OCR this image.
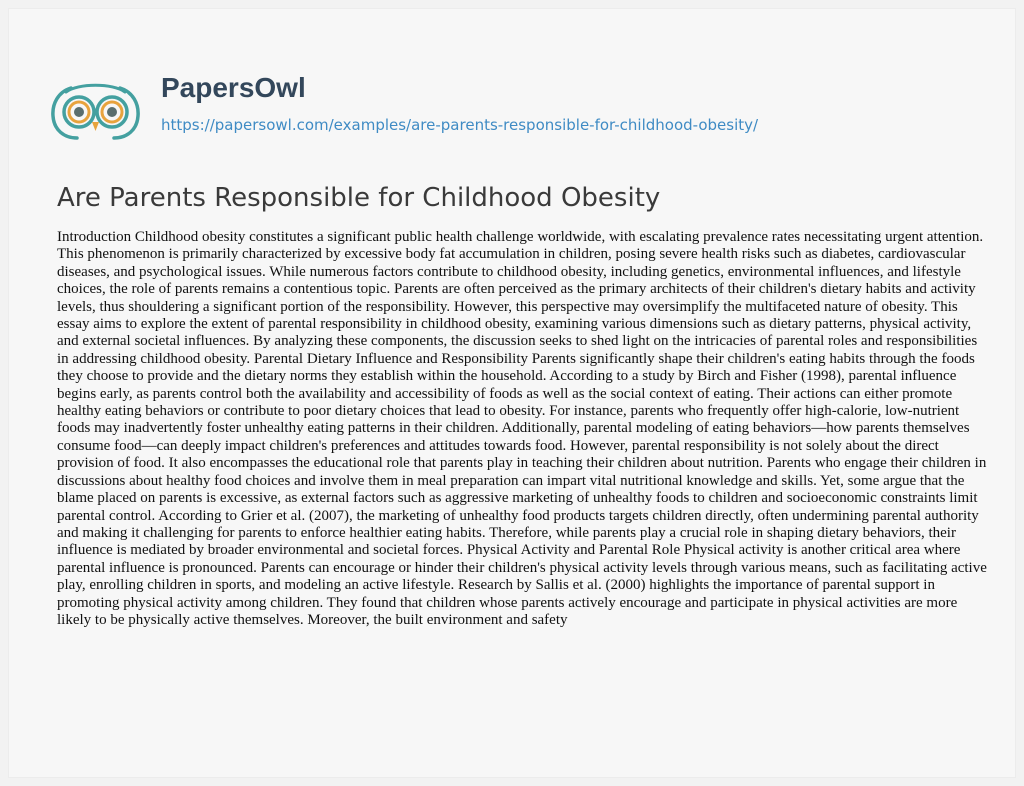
PapersOwl
https://papersowl.com/examples/are-parents-responsible-for-childhood-obesity/
Are Parents Responsible for Childhood Obesity

Introduction Childhood obesity constitutes a significant public health challenge worldwide, with escalating prevalence rates necessitating urgent attention. This phenomenon is primarily characterized by excessive body fat accumulation in children, posing severe health risks such as diabetes, cardiovascular diseases, and psychological issues. While numerous factors contribute to childhood obesity, including genetics, environmental influences, and lifestyle choices, the role of parents remains a contentious topic. Parents are often perceived as the primary architects of their children's dietary habits and activity levels, thus shouldering a significant portion of the responsibility. However, this perspective may oversimplify the multifaceted nature of obesity. This essay aims to explore the extent of parental responsibility in childhood obesity, examining various dimensions such as dietary patterns, physical activity, and external societal influences. By analyzing these components, the discussion seeks to shed light on the intricacies of parental roles and responsibilities in addressing childhood obesity. Parental Dietary Influence and Responsibility Parents significantly shape their children's eating habits through the foods they choose to provide and the dietary norms they establish within the household. According to a study by Birch and Fisher (1998), parental influence begins early, as parents control both the availability and accessibility of foods as well as the social context of eating. Their actions can either promote healthy eating behaviors or contribute to poor dietary choices that lead to obesity. For instance, parents who frequently offer high-calorie, low-nutrient foods may inadvertently foster unhealthy eating patterns in their children. Additionally, parental modeling of eating behaviors—how parents themselves consume food—can deeply impact children's preferences and attitudes towards food. However, parental responsibility is not solely about the direct provision of food. It also encompasses the educational role that parents play in teaching their children about nutrition. Parents who engage their children in discussions about healthy food choices and involve them in meal preparation can impart vital nutritional knowledge and skills. Yet, some argue that the blame placed on parents is excessive, as external factors such as aggressive marketing of unhealthy foods to children and socioeconomic constraints limit parental control. According to Grier et al. (2007), the marketing of unhealthy food products targets children directly, often undermining parental authority and making it challenging for parents to enforce healthier eating habits. Therefore, while parents play a crucial role in shaping dietary behaviors, their influence is mediated by broader environmental and societal forces. Physical Activity and Parental Role Physical activity is another critical area where parental influence is pronounced. Parents can encourage or hinder their children's physical activity levels through various means, such as facilitating active play, enrolling children in sports, and modeling an active lifestyle. Research by Sallis et al. (2000) highlights the importance of parental support in promoting physical activity among children. They found that children whose parents actively encourage and participate in physical activities are more likely to be physically active themselves. Moreover, the built environment and safety
